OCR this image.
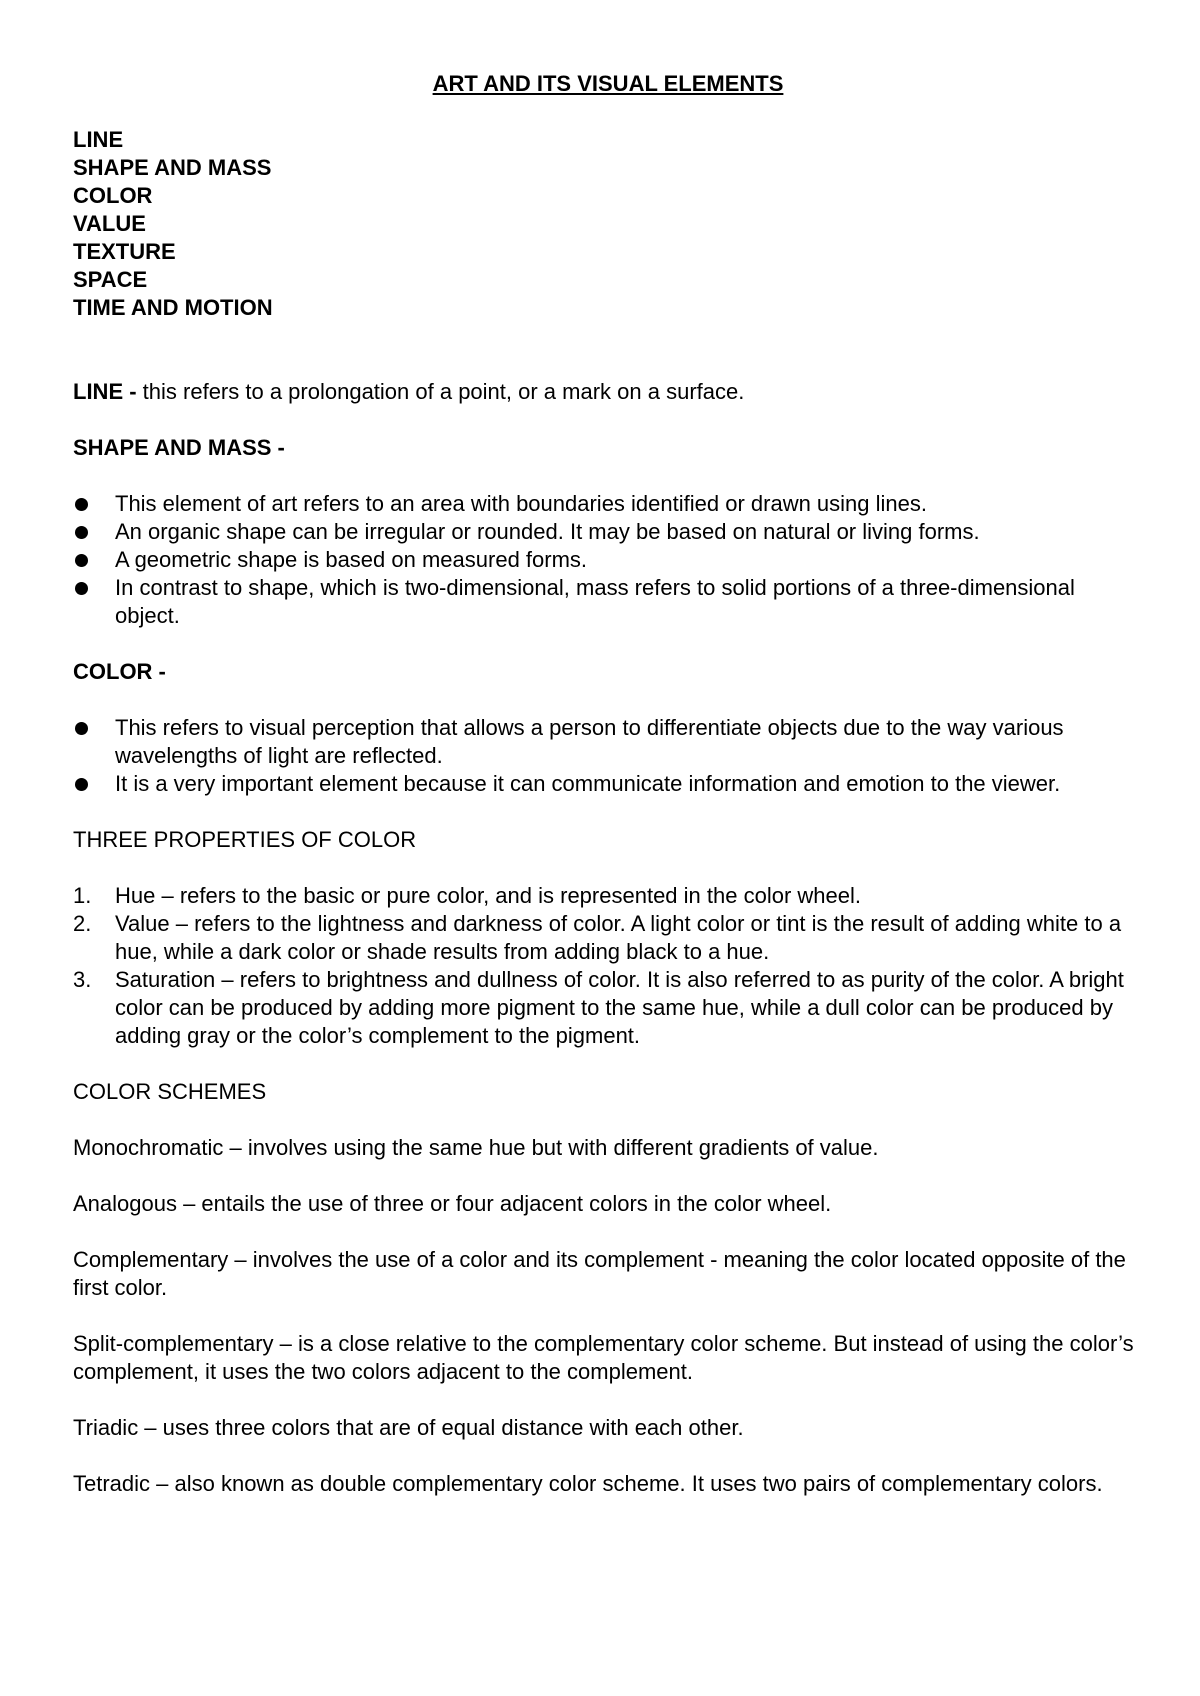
ART AND ITS VISUAL ELEMENTS
LINE
SHAPE AND MASS
COLOR
VALUE
TEXTURE
SPACE
TIME AND MOTION

LINE - this refers to a prolongation of a point, or a mark on a surface.

SHAPE AND MASS -

This element of art refers to an area with boundaries identified or drawn using lines.
An organic shape can be irregular or rounded. It may be based on natural or living forms.
A geometric shape is based on measured forms.
In contrast to shape, which is two-dimensional, mass refers to solid portions of a three-dimensional object.

COLOR -

This refers to visual perception that allows a person to differentiate objects due to the way various wavelengths of light are reflected.
It is a very important element because it can communicate information and emotion to the viewer.

THREE PROPERTIES OF COLOR

1. Hue – refers to the basic or pure color, and is represented in the color wheel.
2. Value – refers to the lightness and darkness of color. A light color or tint is the result of adding white to a hue, while a dark color or shade results from adding black to a hue.
3. Saturation – refers to brightness and dullness of color. It is also referred to as purity of the color. A bright color can be produced by adding more pigment to the same hue, while a dull color can be produced by adding gray or the color’s complement to the pigment.

COLOR SCHEMES

Monochromatic – involves using the same hue but with different gradients of value.

Analogous – entails the use of three or four adjacent colors in the color wheel.

Complementary – involves the use of a color and its complement - meaning the color located opposite of the first color.

Split-complementary – is a close relative to the complementary color scheme. But instead of using the color’s complement, it uses the two colors adjacent to the complement.

Triadic – uses three colors that are of equal distance with each other.

Tetradic – also known as double complementary color scheme. It uses two pairs of complementary colors.
